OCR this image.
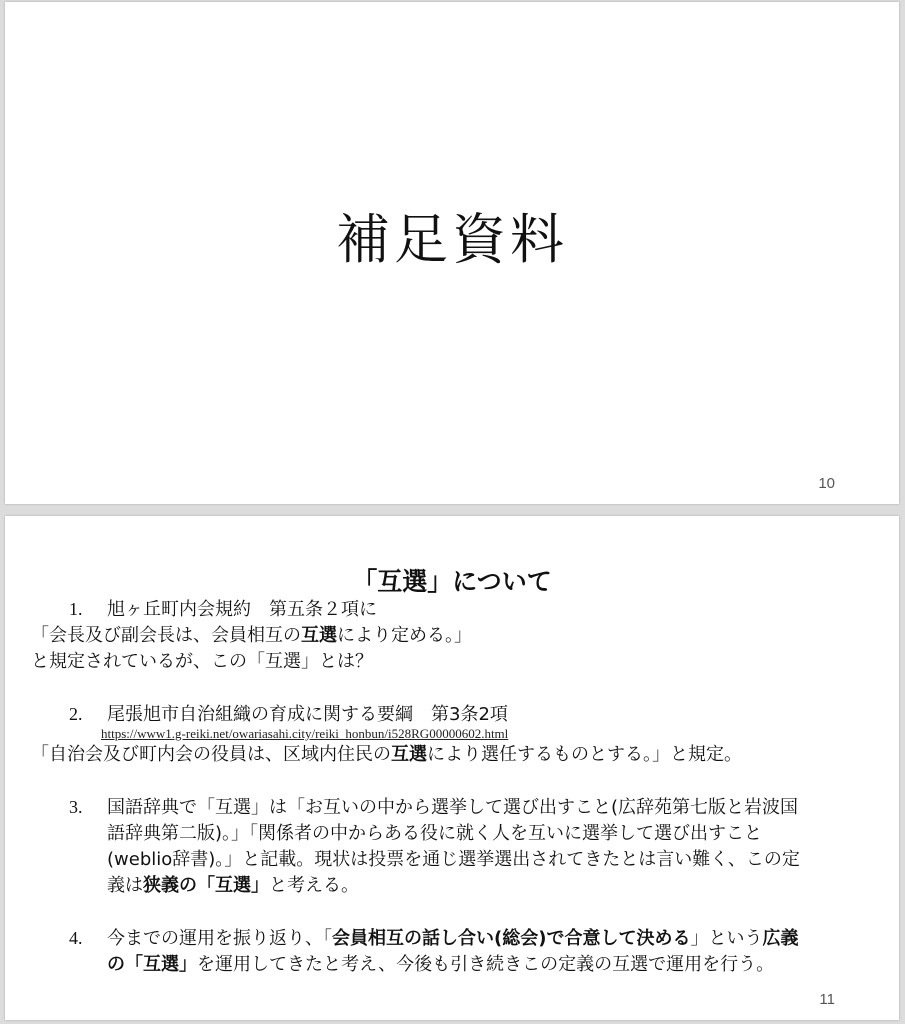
補足資料
10
「互選」について

1. 旭ヶ丘町内会規約　第五条２項に

「会長及び副会長は、会員相互の互選により定める。」

と規定されているが、この「互選」とは？

2. 尾張旭市自治組織の育成に関する要綱　第3条2項

https://www1.g-reiki.net/owariasahi.city/reiki_honbun/i528RG00000602.html

「自治会及び町内会の役員は、区域内住民の互選により選任するものとする。」と規定。

3. 国語辞典で「互選」は「お互いの中から選挙して選び出すこと(広辞苑第七版と岩波国

語辞典第二版)。」「関係者の中からある役に就く人を互いに選挙して選び出すこと

(weblio辞書)。」と記載。現状は投票を通じ選挙選出されてきたとは言い難く、この定

義は狭義の「互選」と考える。

4. 今までの運用を振り返り、「会員相互の話し合い(総会)で合意して決める」という広義

の「互選」を運用してきたと考え、今後も引き続きこの定義の互選で運用を行う。

11
